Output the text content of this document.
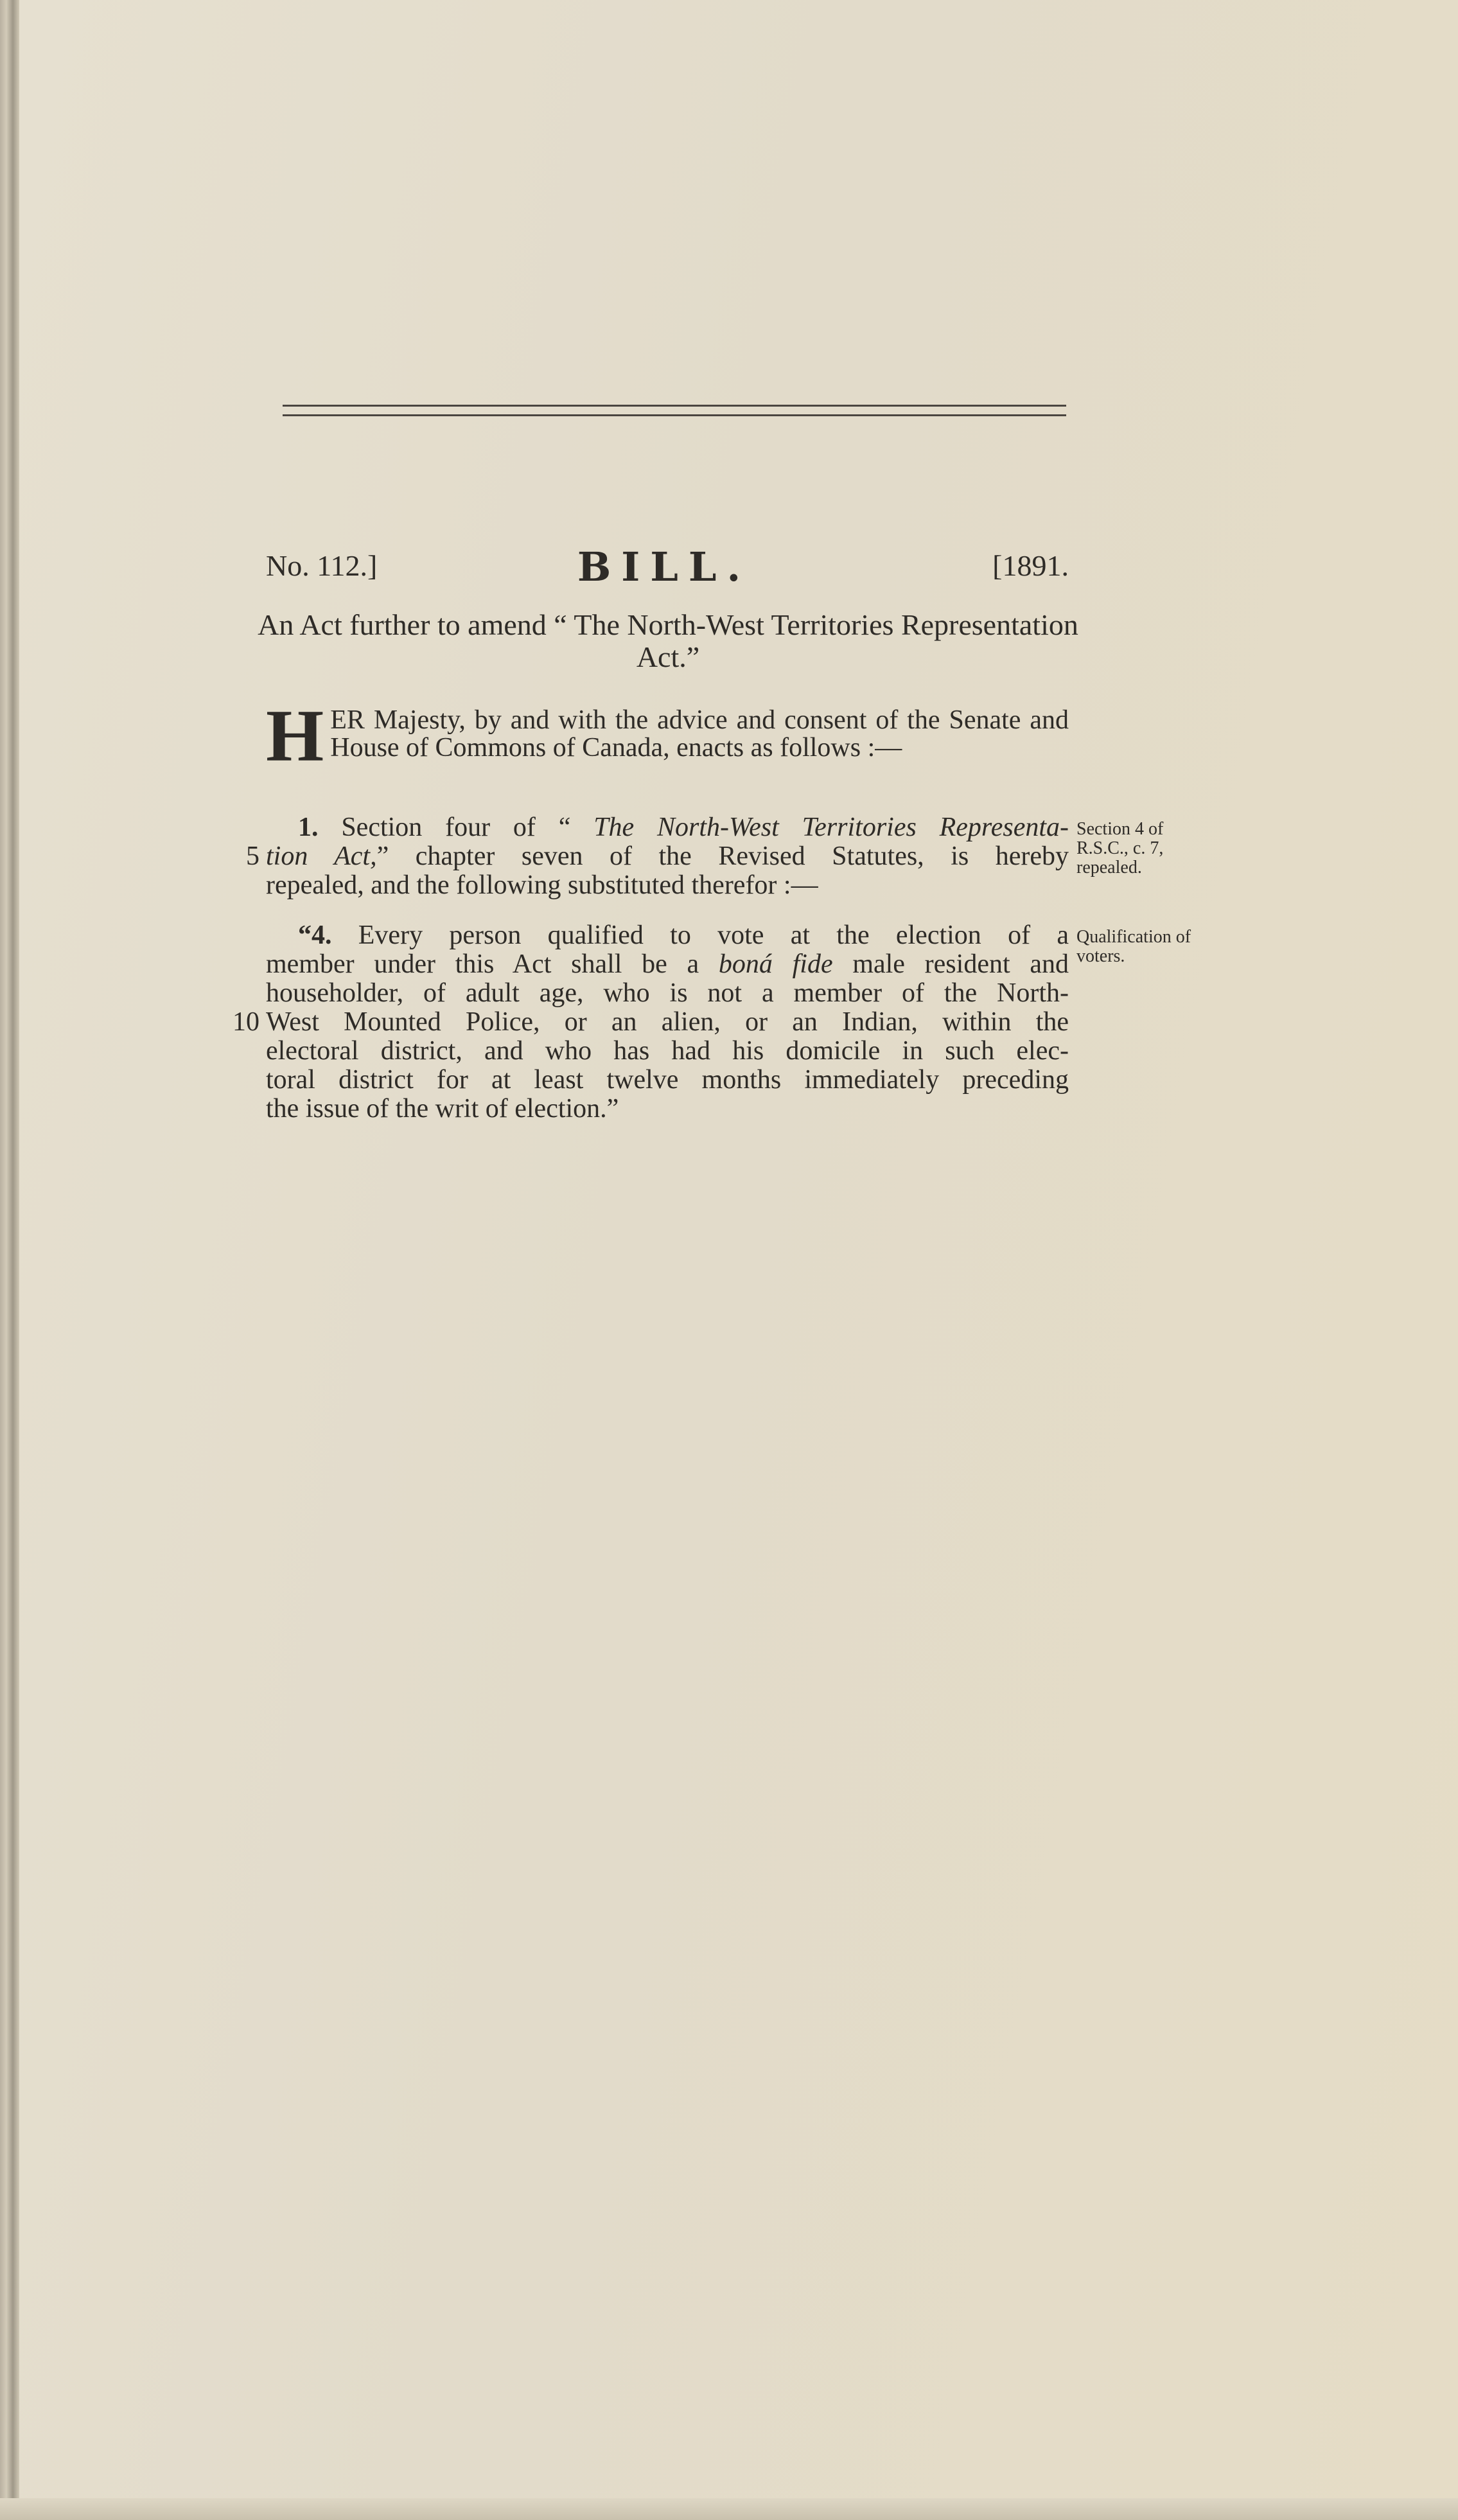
No. 112.]	BILL.	[1891.
An Act further to amend “ The North-West Territories Representation Act.”
HER Majesty, by and with the advice and consent of the Senate and House of Commons of Canada, enacts as follows :—
1. Section four of “ The North-West Territories Representa-
tion Act,” chapter seven of the Revised Statutes, is hereby
repealed, and the following substituted therefor :—
5
Section 4 of R.S.C., c. 7, repealed.
“4. Every person qualified to vote at the election of a
member under this Act shall be a boná fide male resident and
householder, of adult age, who is not a member of the North-
West Mounted Police, or an alien, or an Indian, within the
electoral district, and who has had his domicile in such elec-
toral district for at least twelve months immediately preceding
the issue of the writ of election.”
10
Qualification of voters.
